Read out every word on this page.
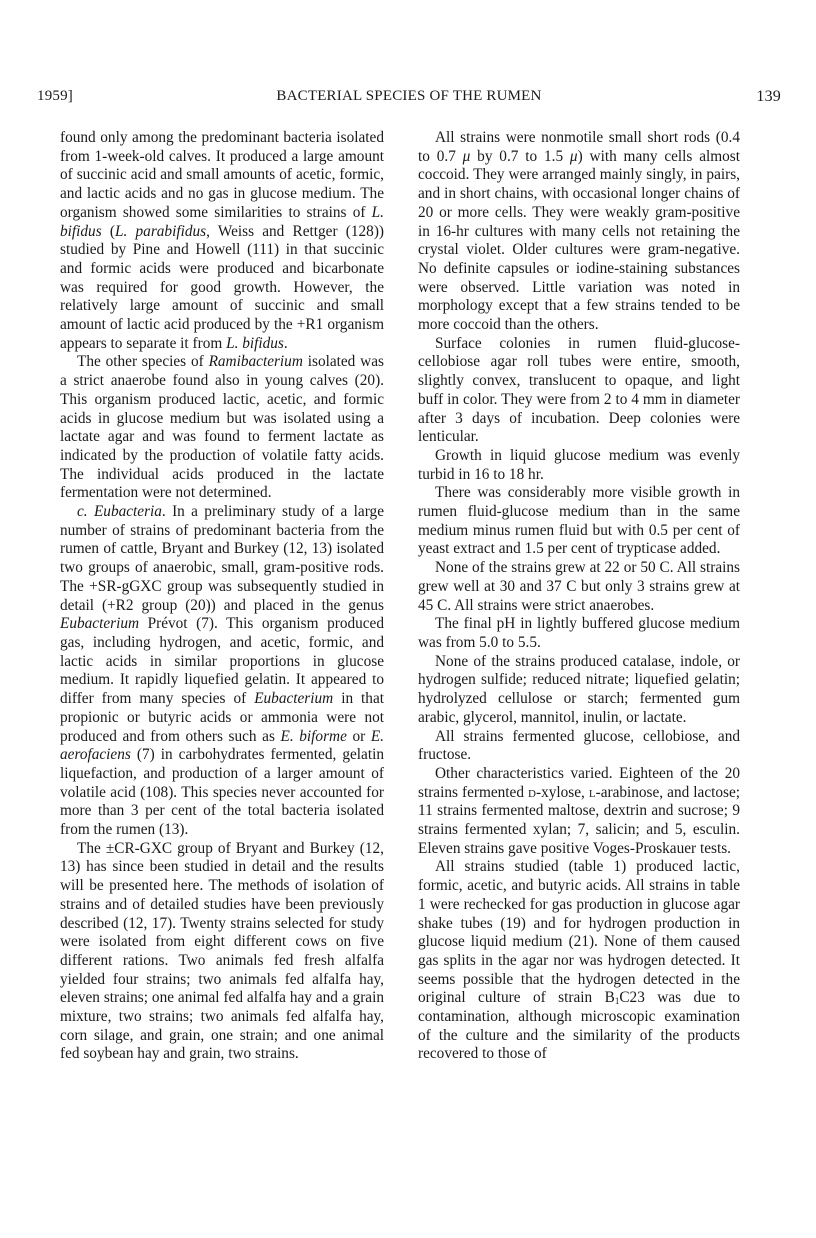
1959]	BACTERIAL SPECIES OF THE RUMEN	139

found only among the predominant bacteria isolated from 1-week-old calves. It produced a large amount of succinic acid and small amounts of acetic, formic, and lactic acids and no gas in glucose medium. The organism showed some similarities to strains of L. bifidus (L. parabifidus, Weiss and Rettger (128)) studied by Pine and Howell (111) in that succinic and formic acids were produced and bicarbonate was required for good growth. However, the relatively large amount of succinic and small amount of lactic acid produced by the +R1 organism appears to separate it from L. bifidus.

The other species of Ramibacterium isolated was a strict anaerobe found also in young calves (20). This organism produced lactic, acetic, and formic acids in glucose medium but was isolated using a lactate agar and was found to ferment lactate as indicated by the production of volatile fatty acids. The individual acids produced in the lactate fermentation were not determined.

c. Eubacteria. In a preliminary study of a large number of strains of predominant bacteria from the rumen of cattle, Bryant and Burkey (12, 13) isolated two groups of anaerobic, small, gram-positive rods. The +SR-gGXC group was subsequently studied in detail (+R2 group (20)) and placed in the genus Eubacterium Prévot (7). This organism produced gas, including hydrogen, and acetic, formic, and lactic acids in similar proportions in glucose medium. It rapidly liquefied gelatin. It appeared to differ from many species of Eubacterium in that propionic or butyric acids or ammonia were not produced and from others such as E. biforme or E. aerofaciens (7) in carbohydrates fermented, gelatin liquefaction, and production of a larger amount of volatile acid (108). This species never accounted for more than 3 per cent of the total bacteria isolated from the rumen (13).

The ±CR-GXC group of Bryant and Burkey (12, 13) has since been studied in detail and the results will be presented here. The methods of isolation of strains and of detailed studies have been previously described (12, 17). Twenty strains selected for study were isolated from eight different cows on five different rations. Two animals fed fresh alfalfa yielded four strains; two animals fed alfalfa hay, eleven strains; one animal fed alfalfa hay and a grain mixture, two strains; two animals fed alfalfa hay, corn silage, and grain, one strain; and one animal fed soybean hay and grain, two strains.

All strains were nonmotile small short rods (0.4 to 0.7 μ by 0.7 to 1.5 μ) with many cells almost coccoid. They were arranged mainly singly, in pairs, and in short chains, with occasional longer chains of 20 or more cells. They were weakly gram-positive in 16-hr cultures with many cells not retaining the crystal violet. Older cultures were gram-negative. No definite capsules or iodine-staining substances were observed. Little variation was noted in morphology except that a few strains tended to be more coccoid than the others.

Surface colonies in rumen fluid-glucose-cellobiose agar roll tubes were entire, smooth, slightly convex, translucent to opaque, and light buff in color. They were from 2 to 4 mm in diameter after 3 days of incubation. Deep colonies were lenticular.

Growth in liquid glucose medium was evenly turbid in 16 to 18 hr.

There was considerably more visible growth in rumen fluid-glucose medium than in the same medium minus rumen fluid but with 0.5 per cent of yeast extract and 1.5 per cent of trypticase added.

None of the strains grew at 22 or 50 C. All strains grew well at 30 and 37 C but only 3 strains grew at 45 C. All strains were strict anaerobes.

The final pH in lightly buffered glucose medium was from 5.0 to 5.5.

None of the strains produced catalase, indole, or hydrogen sulfide; reduced nitrate; liquefied gelatin; hydrolyzed cellulose or starch; fermented gum arabic, glycerol, mannitol, inulin, or lactate.

All strains fermented glucose, cellobiose, and fructose.

Other characteristics varied. Eighteen of the 20 strains fermented d-xylose, l-arabinose, and lactose; 11 strains fermented maltose, dextrin and sucrose; 9 strains fermented xylan; 7, salicin; and 5, esculin. Eleven strains gave positive Voges-Proskauer tests.

All strains studied (table 1) produced lactic, formic, acetic, and butyric acids. All strains in table 1 were rechecked for gas production in glucose agar shake tubes (19) and for hydrogen production in glucose liquid medium (21). None of them caused gas splits in the agar nor was hydrogen detected. It seems possible that the hydrogen detected in the original culture of strain $B_1C23$ was due to contamination, although microscopic examination of the culture and the similarity of the products recovered to those of
